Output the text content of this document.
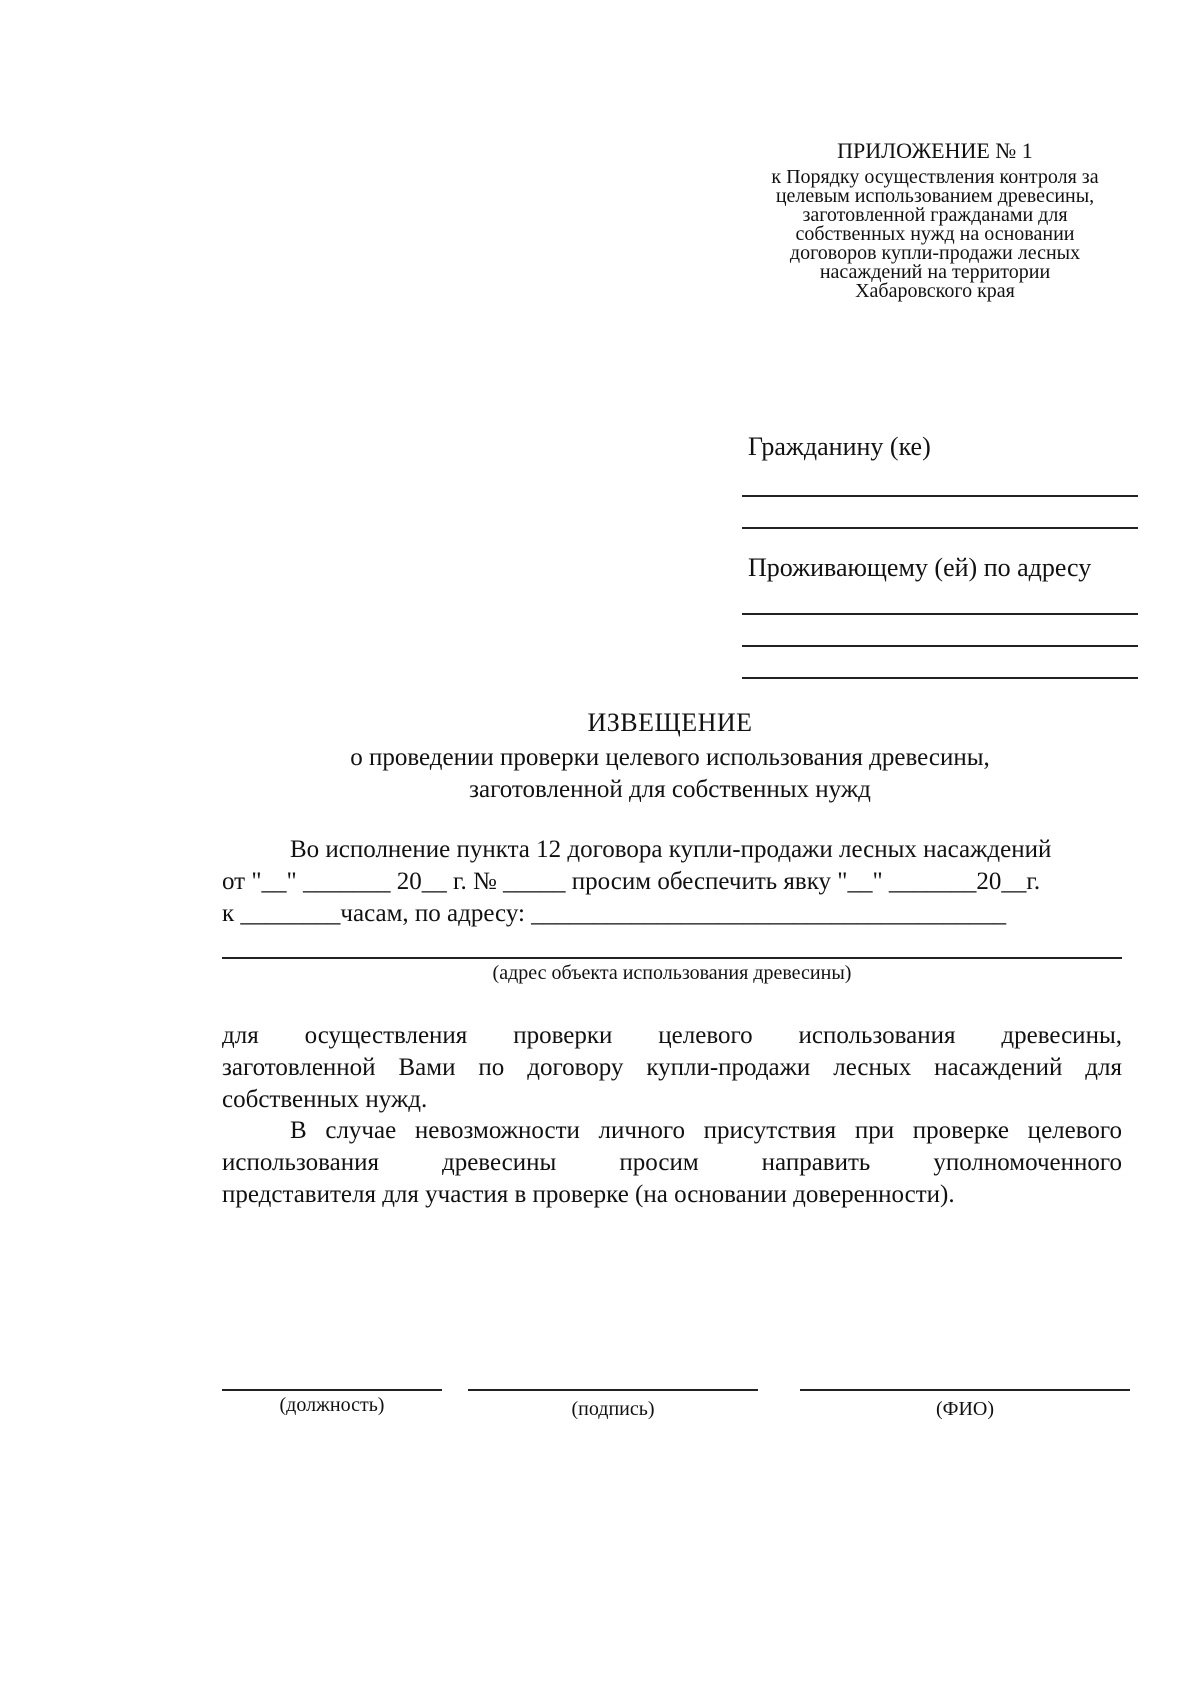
ПРИЛОЖЕНИЕ № 1
к Порядку осуществления контроля за
целевым использованием древесины,
заготовленной гражданами для
собственных нужд на основании
договоров купли-продажи лесных
насаждений на территории
Хабаровского края
Гражданину (ке)
Проживающему (ей) по адресу
ИЗВЕЩЕНИЕ
о проведении проверки целевого использования древесины,
заготовленной для собственных нужд
Во исполнение пункта 12 договора купли-продажи лесных насаждений
от "__" _______ 20__ г. № _____ просим обеспечить явку "__" _______20__г.
к ________часам, по адресу: ______________________________________
(адрес объекта использования древесины)
для осуществления проверки целевого использования древесины,
заготовленной Вами по договору купли-продажи лесных насаждений для
собственных нужд.
В случае невозможности личного присутствия при проверке целевого
использования древесины просим направить уполномоченного
представителя для участия в проверке (на основании доверенности).
(должность)	(подпись)	(ФИО)
